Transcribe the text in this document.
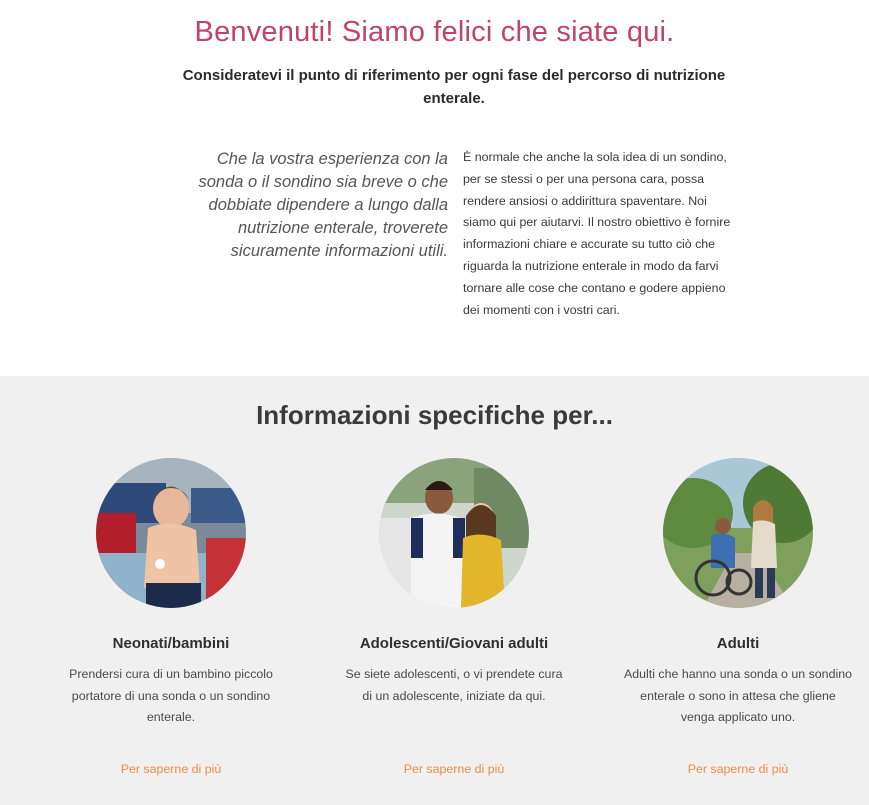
Benvenuti! Siamo felici che siate qui.

Consideratevi il punto di riferimento per ogni fase del percorso di nutrizione enterale.

Che la vostra esperienza con la sonda o il sondino sia breve o che dobbiate dipendere a lungo dalla nutrizione enterale, troverete sicuramente informazioni utili.

È normale che anche la sola idea di un sondino, per se stessi o per una persona cara, possa rendere ansiosi o addirittura spaventare. Noi siamo qui per aiutarvi. Il nostro obiettivo è fornire informazioni chiare e accurate su tutto ciò che riguarda la nutrizione enterale in modo da farvi tornare alle cose che contano e godere appieno dei momenti con i vostri cari.

Informazioni specifiche per...
Neonati/bambini
Prendersi cura di un bambino piccolo portatore di una sonda o un sondino enterale.
Per saperne di più
Adolescenti/Giovani adulti
Se siete adolescenti, o vi prendete cura di un adolescente, iniziate da qui.
Per saperne di più
Adulti
Adulti che hanno una sonda o un sondino enterale o sono in attesa che gliene venga applicato uno.
Per saperne di più
